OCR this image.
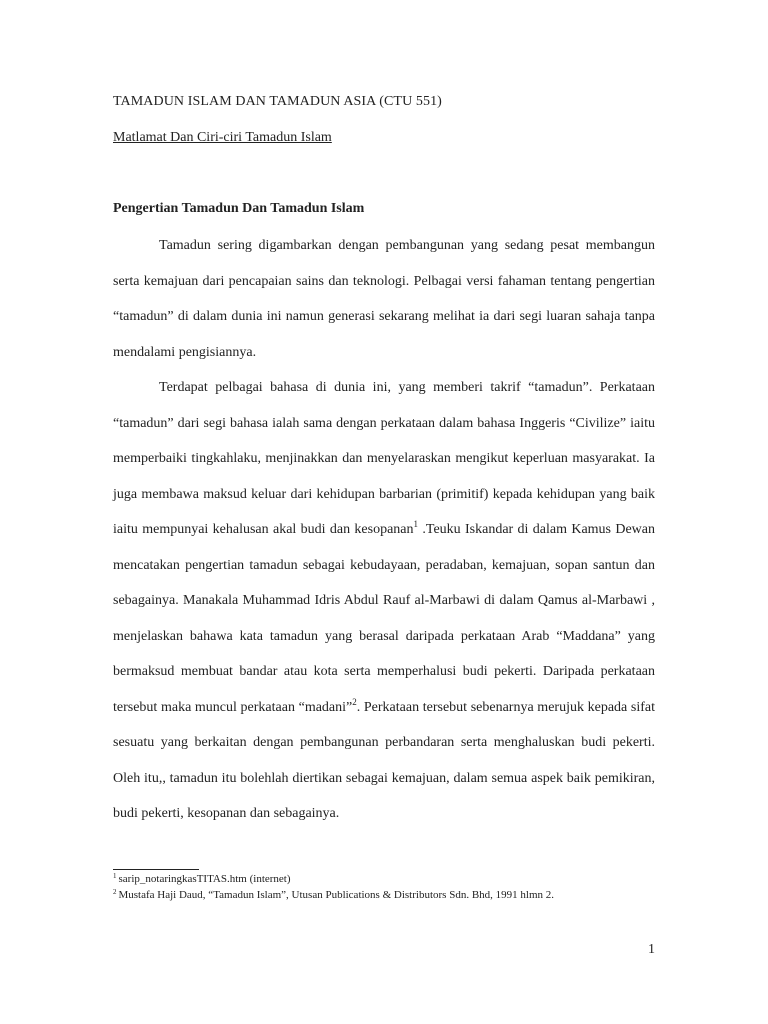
TAMADUN ISLAM DAN TAMADUN ASIA (CTU 551)
Matlamat Dan Ciri-ciri Tamadun Islam
Pengertian Tamadun Dan Tamadun Islam

Tamadun sering digambarkan dengan pembangunan yang sedang pesat membangun serta kemajuan dari pencapaian sains dan teknologi. Pelbagai versi fahaman tentang pengertian “tamadun” di dalam dunia ini namun generasi sekarang melihat ia dari segi luaran sahaja tanpa mendalami pengisiannya.

Terdapat pelbagai bahasa di dunia ini, yang memberi takrif “tamadun”. Perkataan “tamadun” dari segi bahasa ialah sama dengan perkataan dalam bahasa Inggeris “Civilize” iaitu memperbaiki tingkahlaku, menjinakkan dan menyelaraskan mengikut keperluan masyarakat. Ia juga membawa maksud keluar dari kehidupan barbarian (primitif) kepada kehidupan yang baik iaitu mempunyai kehalusan akal budi dan kesopanan$^1$ .Teuku Iskandar di dalam Kamus Dewan mencatakan pengertian tamadun sebagai kebudayaan, peradaban, kemajuan, sopan santun dan sebagainya. Manakala Muhammad Idris Abdul Rauf al-Marbawi di dalam Qamus al-Marbawi , menjelaskan bahawa kata tamadun yang berasal daripada perkataan Arab “Maddana” yang bermaksud membuat bandar atau kota serta memperhalusi budi pekerti. Daripada perkataan tersebut maka muncul perkataan “madani”$^2$. Perkataan tersebut sebenarnya merujuk kepada sifat sesuatu yang berkaitan dengan pembangunan perbandaran serta menghaluskan budi pekerti. Oleh itu,, tamadun itu bolehlah diertikan sebagai kemajuan, dalam semua aspek baik pemikiran, budi pekerti, kesopanan dan sebagainya.

$^1$ sarip_notaringkasTITAS.htm (internet)
$^2$ Mustafa Haji Daud, “Tamadun Islam”, Utusan Publications & Distributors Sdn. Bhd, 1991 hlmn 2.
1
